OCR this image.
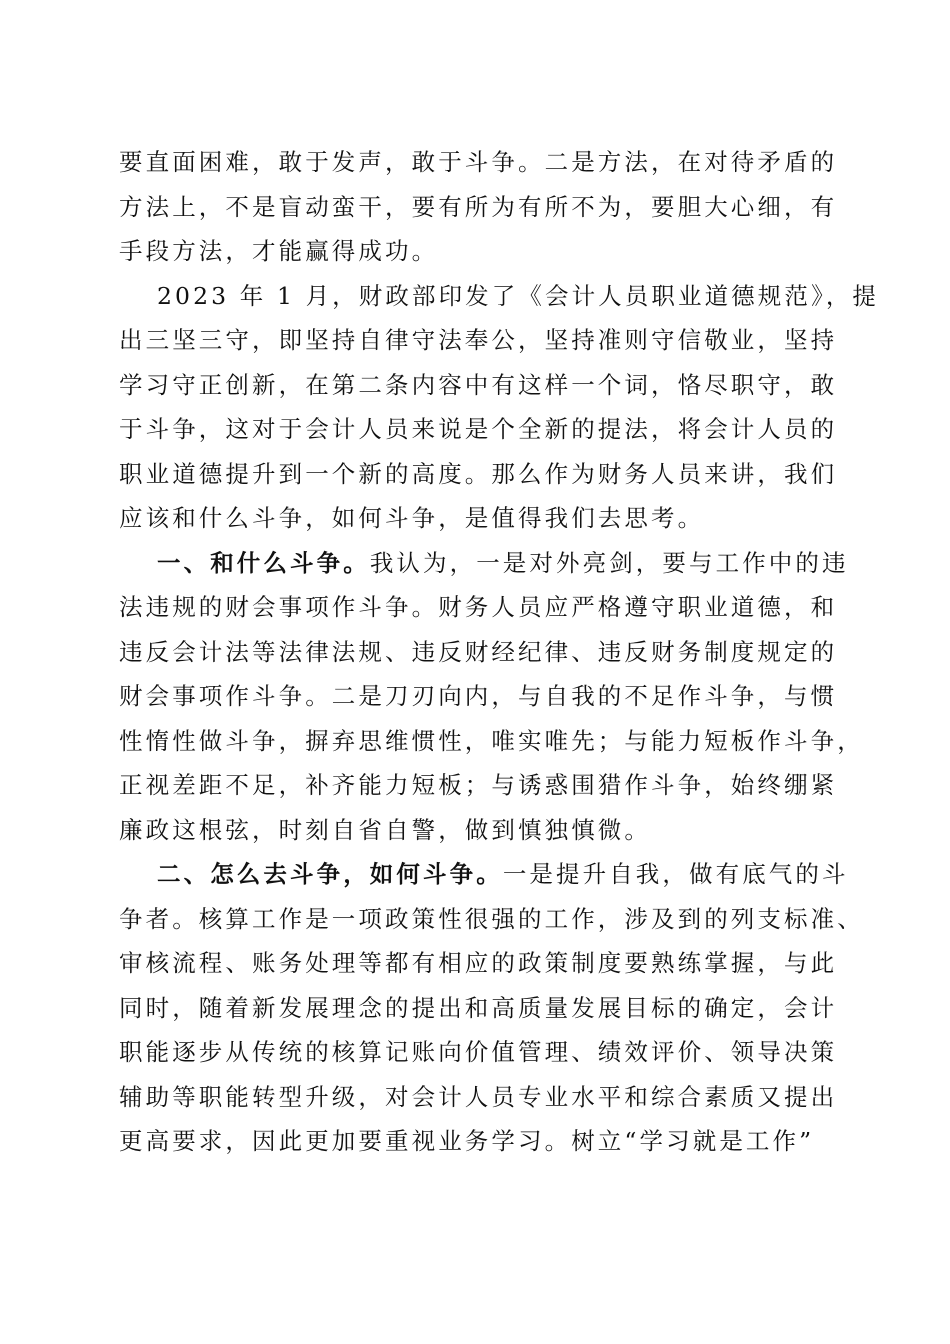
要直面困难，敢于发声，敢于斗争。二是方法，在对待矛盾的
方法上，不是盲动蛮干，要有所为有所不为，要胆大心细，有
手段方法，才能赢得成功。

2023 年 1 月，财政部印发了《会计人员职业道德规范》，提
出三坚三守，即坚持自律守法奉公，坚持准则守信敬业，坚持
学习守正创新，在第二条内容中有这样一个词，恪尽职守，敢
于斗争，这对于会计人员来说是个全新的提法，将会计人员的
职业道德提升到一个新的高度。那么作为财务人员来讲，我们
应该和什么斗争，如何斗争，是值得我们去思考。

一、和什么斗争。我认为，一是对外亮剑，要与工作中的违
法违规的财会事项作斗争。财务人员应严格遵守职业道德，和
违反会计法等法律法规、违反财经纪律、违反财务制度规定的
财会事项作斗争。二是刀刃向内，与自我的不足作斗争，与惯
性惰性做斗争，摒弃思维惯性，唯实唯先；与能力短板作斗争，
正视差距不足，补齐能力短板；与诱惑围猎作斗争，始终绷紧
廉政这根弦，时刻自省自警，做到慎独慎微。

二、怎么去斗争，如何斗争。一是提升自我，做有底气的斗
争者。核算工作是一项政策性很强的工作，涉及到的列支标准、
审核流程、账务处理等都有相应的政策制度要熟练掌握，与此
同时，随着新发展理念的提出和高质量发展目标的确定，会计
职能逐步从传统的核算记账向价值管理、绩效评价、领导决策
辅助等职能转型升级，对会计人员专业水平和综合素质又提出
更高要求，因此更加要重视业务学习。树立“学习就是工作”
